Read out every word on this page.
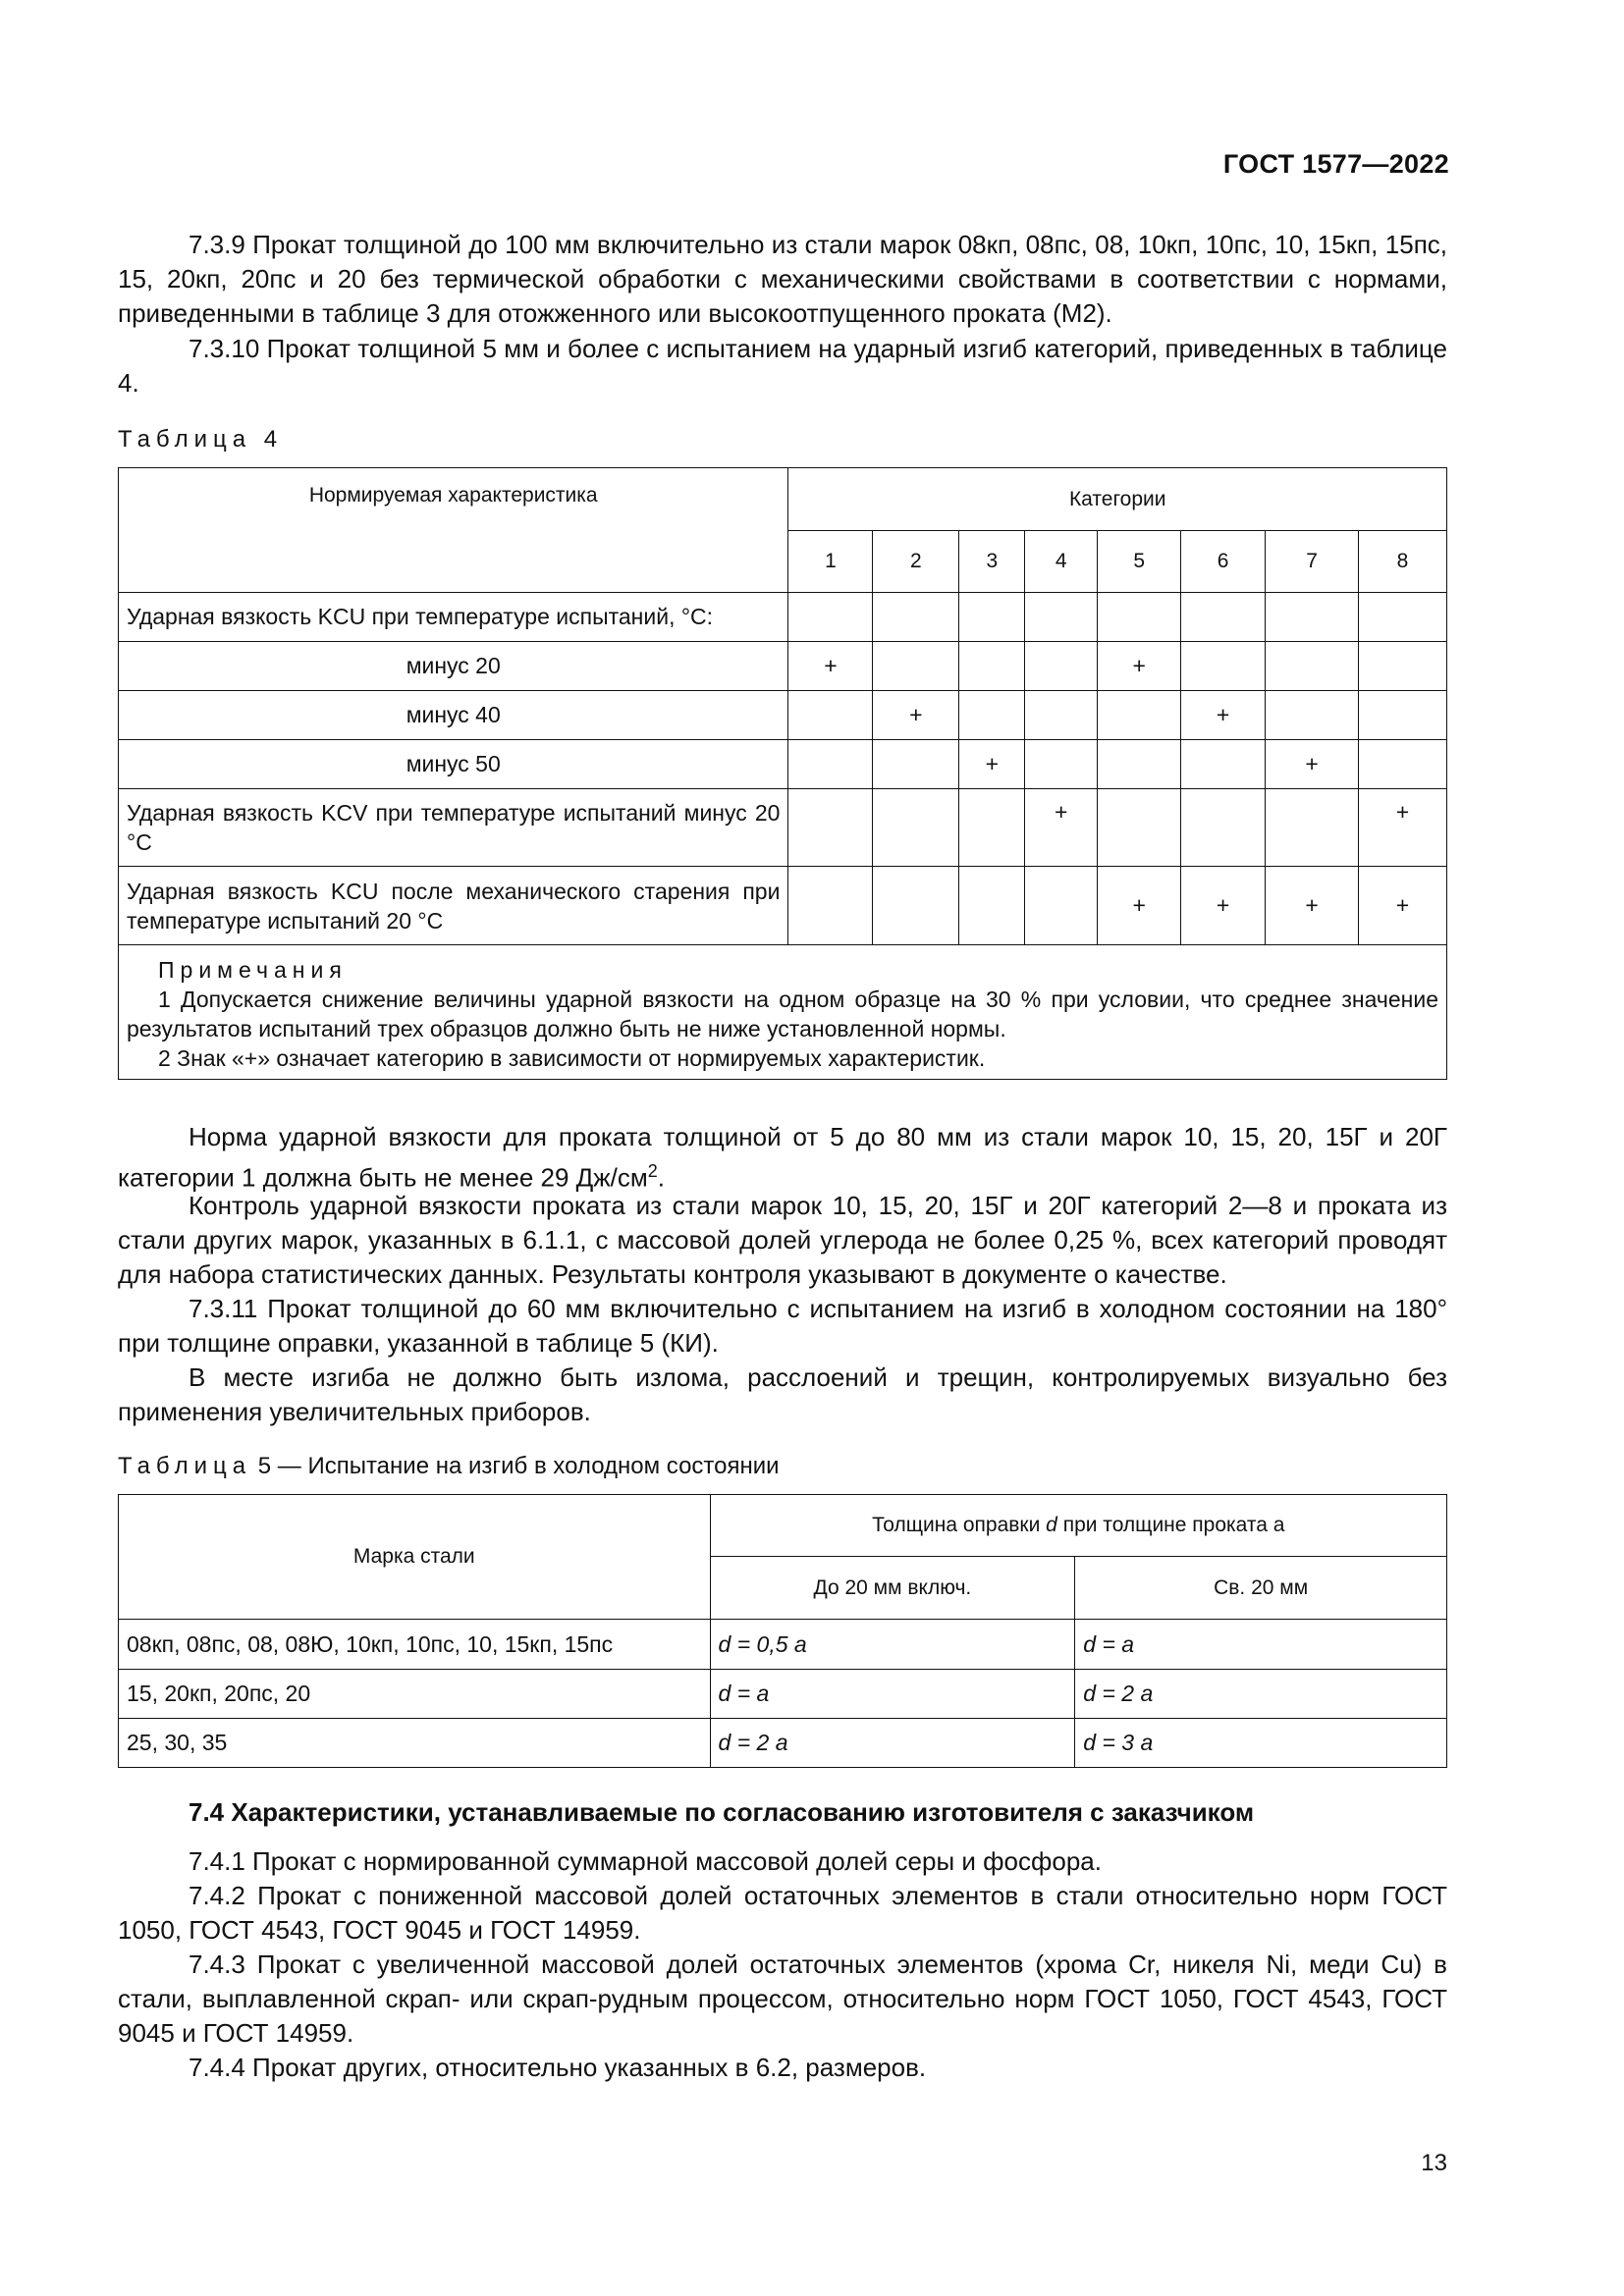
ГОСТ 1577—2022
7.3.9 Прокат толщиной до 100 мм включительно из стали марок 08кп, 08пс, 08, 10кп, 10пс, 10, 15кп, 15пс, 15, 20кп, 20пс и 20 без термической обработки с механическими свойствами в соответствии с нормами, приведенными в таблице 3 для отожженного или высокоотпущенного проката (М2).
7.3.10 Прокат толщиной 5 мм и более с испытанием на ударный изгиб категорий, приведенных в таблице 4.
Таблица 4
Нормируемая характеристика	Категории							
	1	2	3	4	5	6	7	8
Ударная вязкость KCU при температуре испытаний, °С:								
минус 20	+				+			
минус 40		+				+		
минус 50			+				+	
Ударная вязкость KCV при температуре испытаний минус 20 °С				+				+
Ударная вязкость KCU после механического старения при температуре испытаний 20 °С					+	+	+	+

Примечания
1 Допускается снижение величины ударной вязкости на одном образце на 30 % при условии, что среднее значение результатов испытаний трех образцов должно быть не ниже установленной нормы.
2 Знак «+» означает категорию в зависимости от нормируемых характеристик.								
Норма ударной вязкости для проката толщиной от 5 до 80 мм из стали марок 10, 15, 20, 15Г и 20Г категории 1 должна быть не менее 29 $Дж/см^2$.
Контроль ударной вязкости проката из стали марок 10, 15, 20, 15Г и 20Г категорий 2—8 и проката из стали других марок, указанных в 6.1.1, с массовой долей углерода не более 0,25 %, всех категорий проводят для набора статистических данных. Результаты контроля указывают в документе о качестве.
7.3.11 Прокат толщиной до 60 мм включительно с испытанием на изгиб в холодном состоянии на 180° при толщине оправки, указанной в таблице 5 (КИ).
В месте изгиба не должно быть излома, расслоений и трещин, контролируемых визуально без применения увеличительных приборов.
Таблица 5 — Испытание на изгиб в холодном состоянии
Марка стали	Толщина оправки d при толщине проката a	
	До 20 мм включ.	Св. 20 мм
08кп, 08пс, 08, 08Ю, 10кп, 10пс, 10, 15кп, 15пс	d = 0,5 a	d = a
15, 20кп, 20пс, 20	d = a	d = 2 a
25, 30, 35	d = 2 a	d = 3 a
7.4 Характеристики, устанавливаемые по согласованию изготовителя с заказчиком
7.4.1 Прокат с нормированной суммарной массовой долей серы и фосфора.
7.4.2 Прокат с пониженной массовой долей остаточных элементов в стали относительно норм ГОСТ 1050, ГОСТ 4543, ГОСТ 9045 и ГОСТ 14959.
7.4.3 Прокат с увеличенной массовой долей остаточных элементов (хрома Cr, никеля Ni, меди Cu) в стали, выплавленной скрап- или скрап-рудным процессом, относительно норм ГОСТ 1050, ГОСТ 4543, ГОСТ 9045 и ГОСТ 14959.
7.4.4 Прокат других, относительно указанных в 6.2, размеров.
13
